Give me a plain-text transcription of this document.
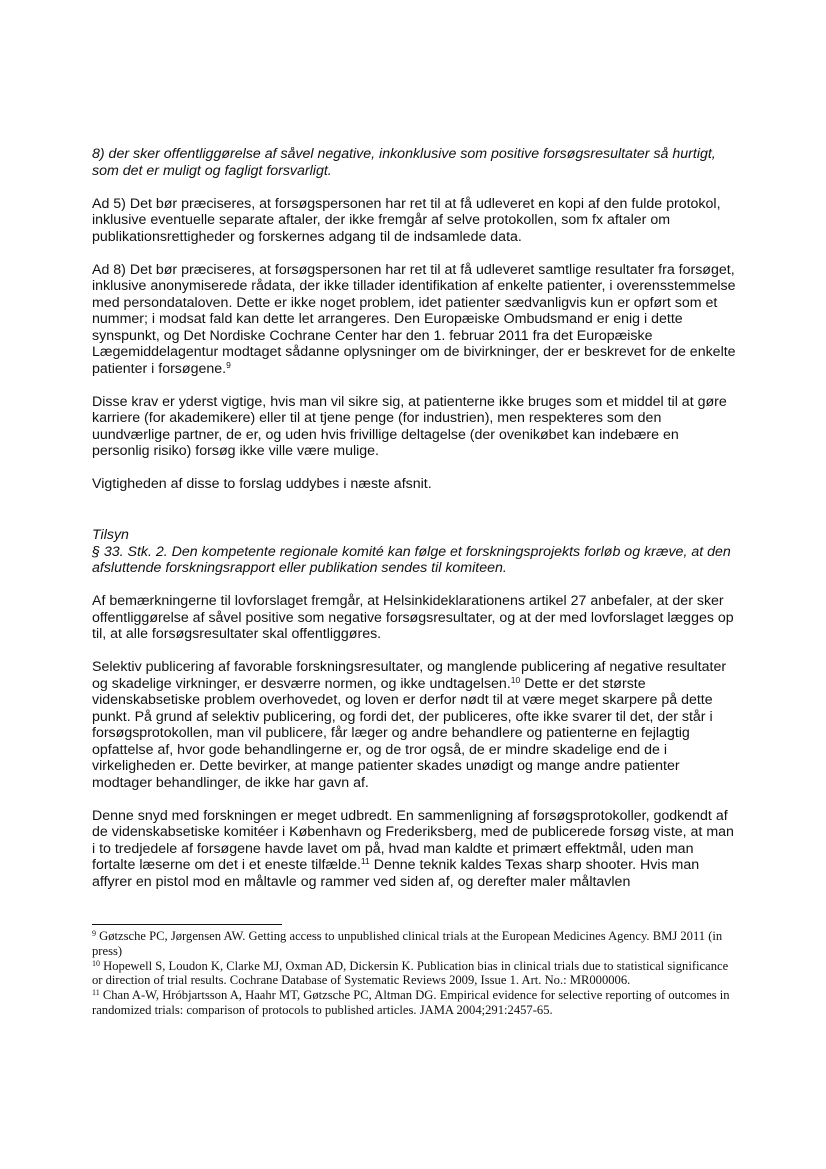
8) der sker offentliggørelse af såvel negative, inkonklusive som positive forsøgsresultater så hurtigt, som det er muligt og fagligt forsvarligt.

Ad 5) Det bør præciseres, at forsøgspersonen har ret til at få udleveret en kopi af den fulde protokol, inklusive eventuelle separate aftaler, der ikke fremgår af selve protokollen, som fx aftaler om publikationsrettigheder og forskernes adgang til de indsamlede data.

Ad 8) Det bør præciseres, at forsøgspersonen har ret til at få udleveret samtlige resultater fra forsøget, inklusive anonymiserede rådata, der ikke tillader identifikation af enkelte patienter, i overensstemmelse med persondataloven. Dette er ikke noget problem, idet patienter sædvanligvis kun er opført som et nummer; i modsat fald kan dette let arrangeres. Den Europæiske Ombudsmand er enig i dette synspunkt, og Det Nordiske Cochrane Center har den 1. februar 2011 fra det Europæiske Lægemiddelagentur modtaget sådanne oplysninger om de bivirkninger, der er beskrevet for de enkelte patienter i forsøgene.$^9$

Disse krav er yderst vigtige, hvis man vil sikre sig, at patienterne ikke bruges som et middel til at gøre karriere (for akademikere) eller til at tjene penge (for industrien), men respekteres som den uundværlige partner, de er, og uden hvis frivillige deltagelse (der ovenikøbet kan indebære en personlig risiko) forsøg ikke ville være mulige.

Vigtigheden af disse to forslag uddybes i næste afsnit.

Tilsyn
§ 33. Stk. 2. Den kompetente regionale komité kan følge et forskningsprojekts forløb og kræve, at den afsluttende forskningsrapport eller publikation sendes til komiteen.

Af bemærkningerne til lovforslaget fremgår, at Helsinkideklarationens artikel 27 anbefaler, at der sker offentliggørelse af såvel positive som negative forsøgsresultater, og at der med lovforslaget lægges op til, at alle forsøgsresultater skal offentliggøres.

Selektiv publicering af favorable forskningsresultater, og manglende publicering af negative resultater og skadelige virkninger, er desværre normen, og ikke undtagelsen.$^{10}$ Dette er det største videnskabsetiske problem overhovedet, og loven er derfor nødt til at være meget skarpere på dette punkt. På grund af selektiv publicering, og fordi det, der publiceres, ofte ikke svarer til det, der står i forsøgsprotokollen, man vil publicere, får læger og andre behandlere og patienterne en fejlagtig opfattelse af, hvor gode behandlingerne er, og de tror også, de er mindre skadelige end de i virkeligheden er. Dette bevirker, at mange patienter skades unødigt og mange andre patienter modtager behandlinger, de ikke har gavn af.

Denne snyd med forskningen er meget udbredt. En sammenligning af forsøgsprotokoller, godkendt af de videnskabsetiske komitéer i København og Frederiksberg, med de publicerede forsøg viste, at man i to tredjedele af forsøgene havde lavet om på, hvad man kaldte et primært effektmål, uden man fortalte læserne om det i et eneste tilfælde.$^{11}$ Denne teknik kaldes Texas sharp shooter. Hvis man affyrer en pistol mod en måltavle og rammer ved siden af, og derefter maler måltavlen

$^9$ Gøtzsche PC, Jørgensen AW. Getting access to unpublished clinical trials at the European Medicines Agency. BMJ 2011 (in press)

$^{10}$ Hopewell S, Loudon K, Clarke MJ, Oxman AD, Dickersin K. Publication bias in clinical trials due to statistical significance or direction of trial results. Cochrane Database of Systematic Reviews 2009, Issue 1. Art. No.: MR000006.

$^{11}$ Chan A-W, Hróbjartsson A, Haahr MT, Gøtzsche PC, Altman DG. Empirical evidence for selective reporting of outcomes in randomized trials: comparison of protocols to published articles. JAMA 2004;291:2457-65.
